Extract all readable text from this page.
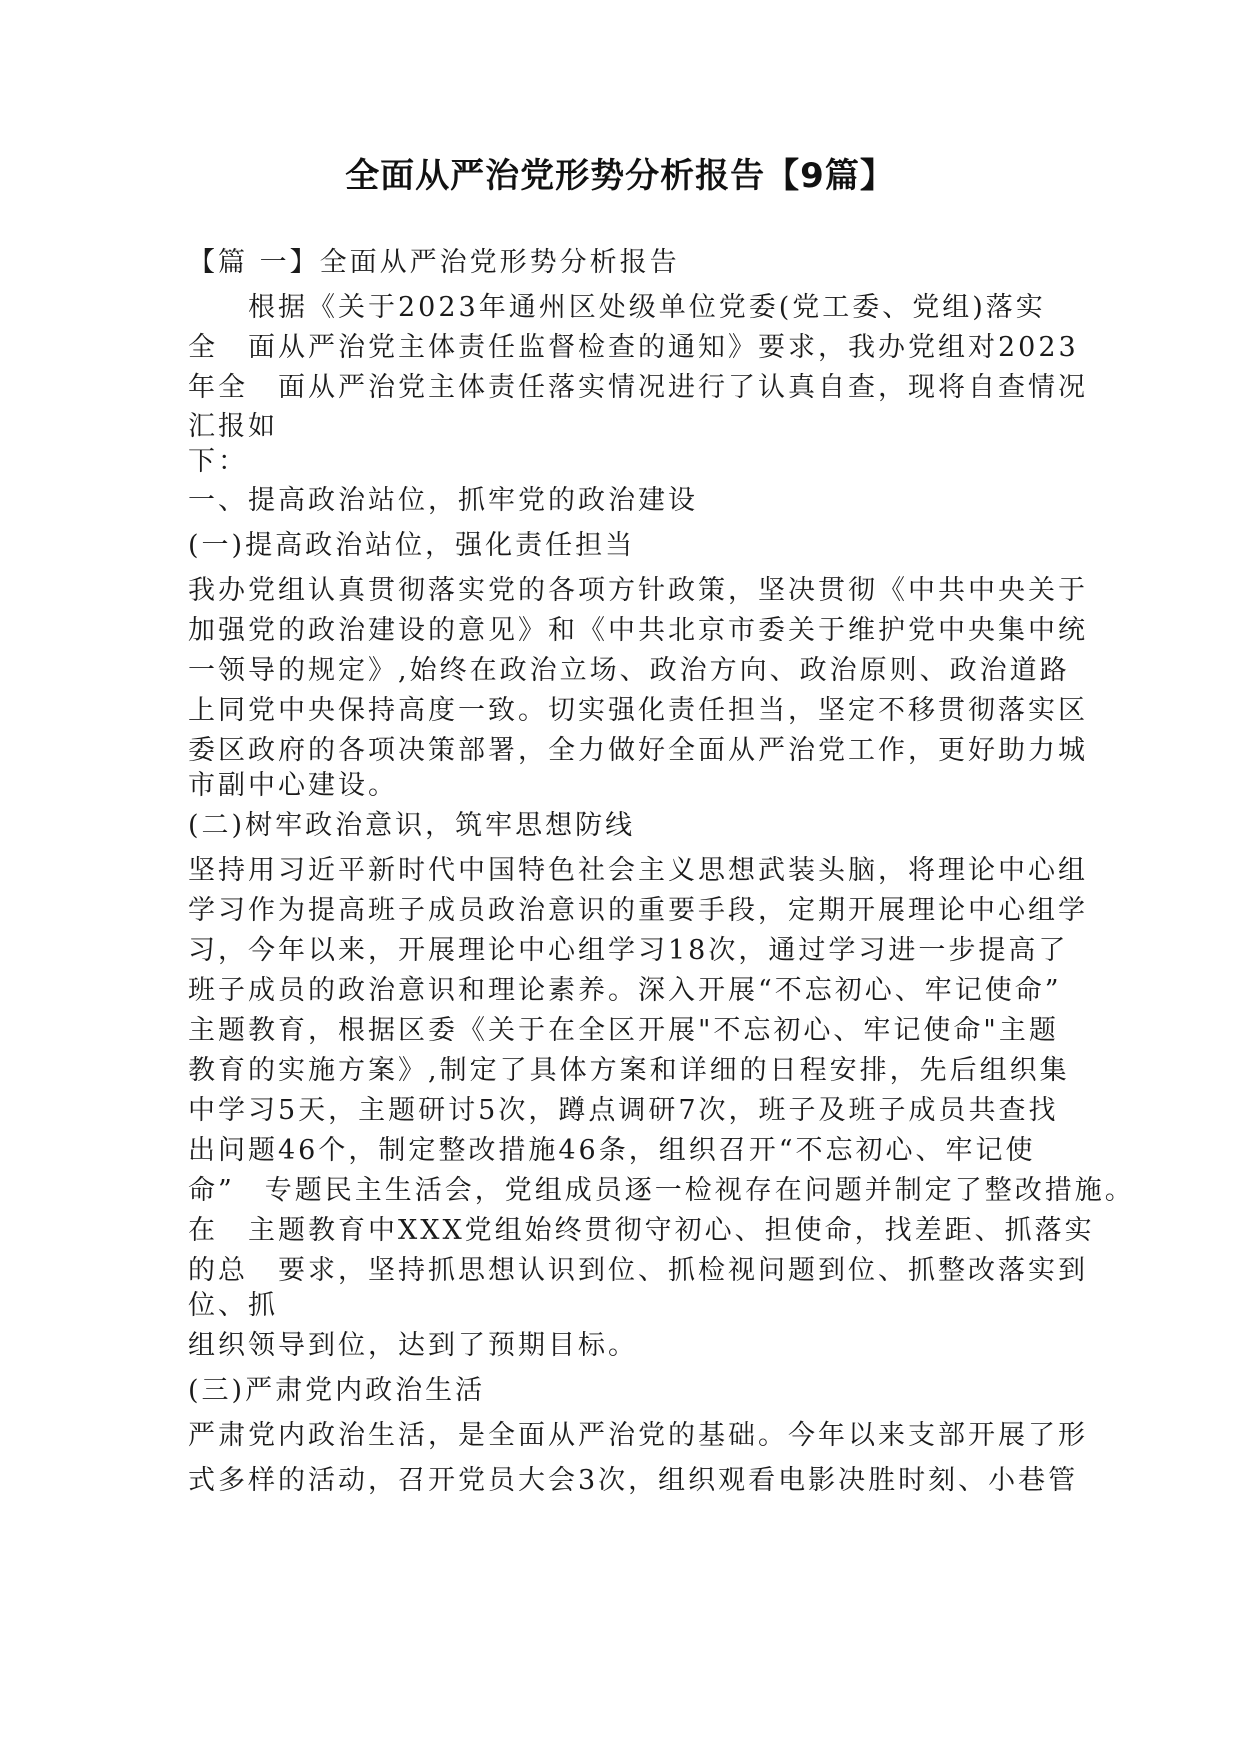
全面从严治党形势分析报告【9篇】
【篇 一】全面从严治党形势分析报告
　　根据《关于2023年通州区处级单位党委(党工委、党组)落实
全　面从严治党主体责任监督检查的通知》要求，我办党组对2023
年全　面从严治党主体责任落实情况进行了认真自查，现将自查情况
汇报如
下：
一、提高政治站位，抓牢党的政治建设
(一)提高政治站位，强化责任担当
我办党组认真贯彻落实党的各项方针政策，坚决贯彻《中共中央关于
加强党的政治建设的意见》和《中共北京市委关于维护党中央集中统
一领导的规定》,始终在政治立场、政治方向、政治原则、政治道路
上同党中央保持高度一致。切实强化责任担当，坚定不移贯彻落实区
委区政府的各项决策部署，全力做好全面从严治党工作，更好助力城
市副中心建设。
(二)树牢政治意识，筑牢思想防线
坚持用习近平新时代中国特色社会主义思想武装头脑，将理论中心组
学习作为提高班子成员政治意识的重要手段，定期开展理论中心组学
习，今年以来，开展理论中心组学习18次，通过学习进一步提高了
班子成员的政治意识和理论素养。深入开展“不忘初心、牢记使命”
主题教育，根据区委《关于在全区开展"不忘初心、牢记使命"主题
教育的实施方案》,制定了具体方案和详细的日程安排，先后组织集
中学习5天，主题研讨5次，蹲点调研7次，班子及班子成员共查找
出问题46个，制定整改措施46条，组织召开“不忘初心、牢记使
命”　专题民主生活会，党组成员逐一检视存在问题并制定了整改措施。
在　主题教育中XXX党组始终贯彻守初心、担使命，找差距、抓落实
的总　要求，坚持抓思想认识到位、抓检视问题到位、抓整改落实到
位、抓
组织领导到位，达到了预期目标。
(三)严肃党内政治生活
严肃党内政治生活，是全面从严治党的基础。今年以来支部开展了形
式多样的活动，召开党员大会3次，组织观看电影决胜时刻、小巷管
